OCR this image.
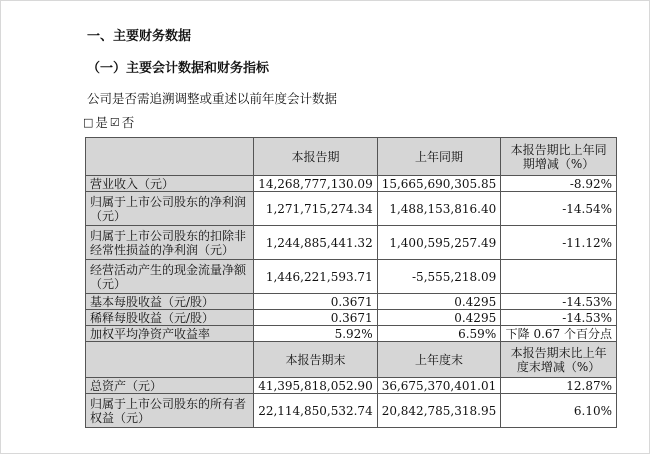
一、主要财务数据
（一）主要会计数据和财务指标
公司是否需追溯调整或重述以前年度会计数据
□ 是 ☑ 否
	本报告期	上年同期	本报告期比上年同期增减（%）
营业收入（元）	14,268,777,130.09	15,665,690,305.85	-8.92%
归属于上市公司股东的净利润（元）	1,271,715,274.34	1,488,153,816.40	-14.54%
归属于上市公司股东的扣除非经常性损益的净利润（元）	1,244,885,441.32	1,400,595,257.49	-11.12%
经营活动产生的现金流量净额（元）	1,446,221,593.71	-5,555,218.09	
基本每股收益（元/股）	0.3671	0.4295	-14.53%
稀释每股收益（元/股）	0.3671	0.4295	-14.53%
加权平均净资产收益率	5.92%	6.59%	下降 0.67 个百分点
	本报告期末	上年度末	本报告期末比上年度末增减（%）
总资产（元）	41,395,818,052.90	36,675,370,401.01	12.87%
归属于上市公司股东的所有者权益（元）	22,114,850,532.74	20,842,785,318.95	6.10%
